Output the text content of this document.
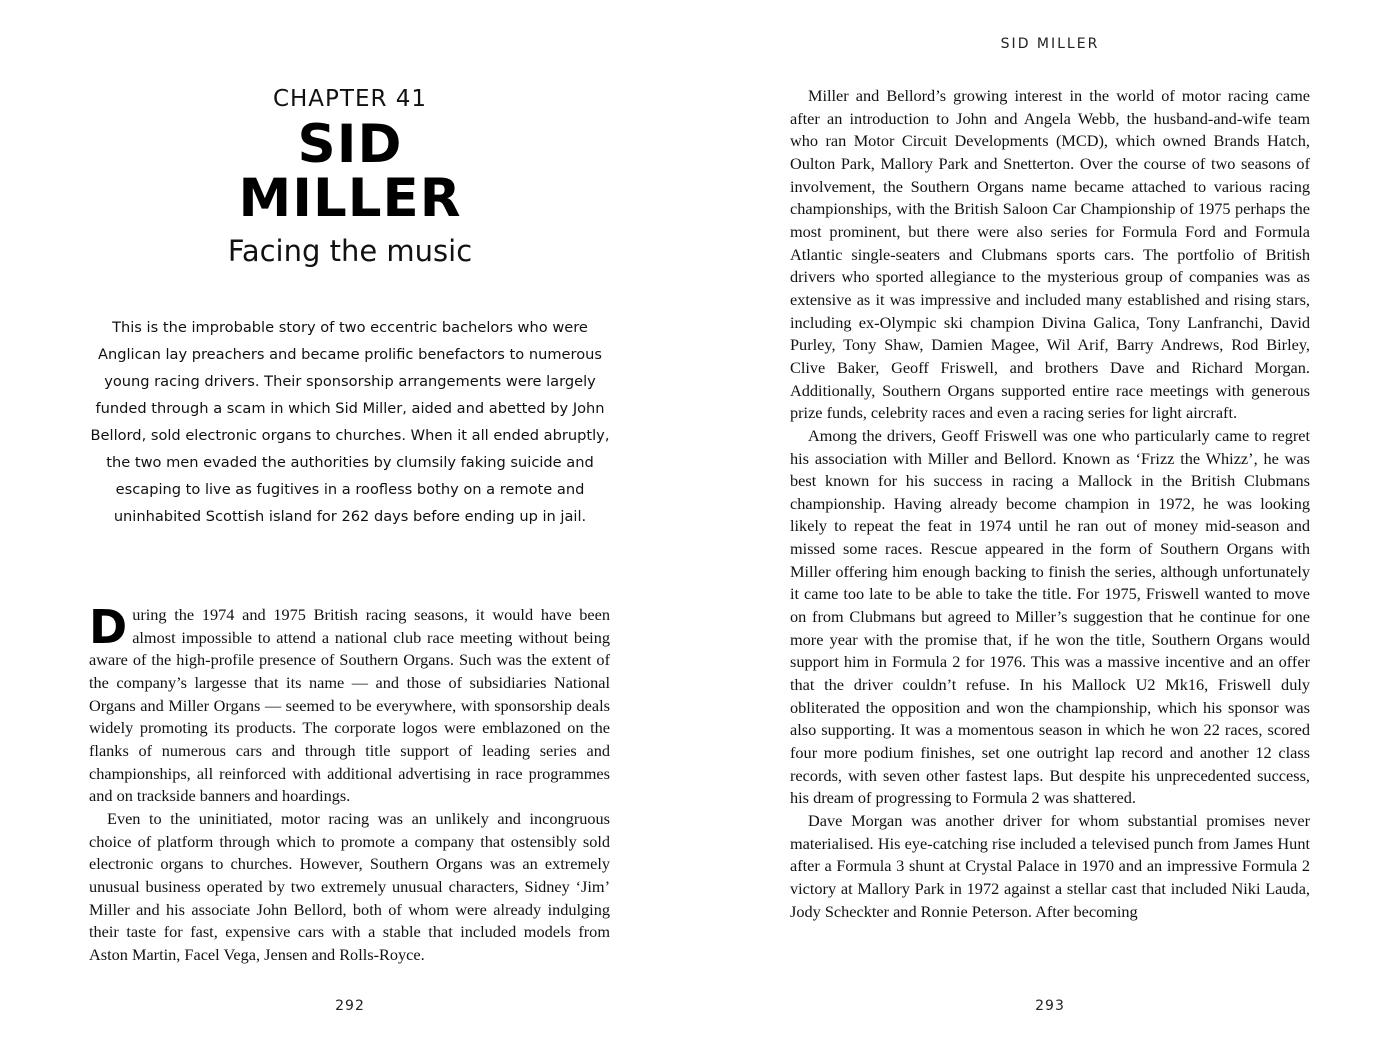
CHAPTER 41
SID
MILLER
Facing the music
This is the improbable story of two eccentric bachelors who were Anglican lay preachers and became prolific benefactors to numerous young racing drivers. Their sponsorship arrangements were largely funded through a scam in which Sid Miller, aided and abetted by John Bellord, sold electronic organs to churches. When it all ended abruptly, the two men evaded the authorities by clumsily faking suicide and escaping to live as fugitives in a roofless bothy on a remote and uninhabited Scottish island for 262 days before ending up in jail.

During the 1974 and 1975 British racing seasons, it would have been almost impossible to attend a national club race meeting without being aware of the high-profile presence of Southern Organs. Such was the extent of the company’s largesse that its name — and those of subsidiaries National Organs and Miller Organs — seemed to be everywhere, with sponsorship deals widely promoting its products. The corporate logos were emblazoned on the flanks of numerous cars and through title support of leading series and championships, all reinforced with additional advertising in race programmes and on trackside banners and hoardings.

Even to the uninitiated, motor racing was an unlikely and incongruous choice of platform through which to promote a company that ostensibly sold electronic organs to churches. However, Southern Organs was an extremely unusual business operated by two extremely unusual characters, Sidney ‘Jim’ Miller and his associate John Bellord, both of whom were already indulging their taste for fast, expensive cars with a stable that included models from Aston Martin, Facel Vega, Jensen and Rolls-Royce.

292
SID MILLER

Miller and Bellord’s growing interest in the world of motor racing came after an introduction to John and Angela Webb, the husband-and-wife team who ran Motor Circuit Developments (MCD), which owned Brands Hatch, Oulton Park, Mallory Park and Snetterton. Over the course of two seasons of involvement, the Southern Organs name became attached to various racing championships, with the British Saloon Car Championship of 1975 perhaps the most prominent, but there were also series for Formula Ford and Formula Atlantic single-seaters and Clubmans sports cars. The portfolio of British drivers who sported allegiance to the mysterious group of companies was as extensive as it was impressive and included many established and rising stars, including ex-Olympic ski champion Divina Galica, Tony Lanfranchi, David Purley, Tony Shaw, Damien Magee, Wil Arif, Barry Andrews, Rod Birley, Clive Baker, Geoff Friswell, and brothers Dave and Richard Morgan. Additionally, Southern Organs supported entire race meetings with generous prize funds, celebrity races and even a racing series for light aircraft.

Among the drivers, Geoff Friswell was one who particularly came to regret his association with Miller and Bellord. Known as ‘Frizz the Whizz’, he was best known for his success in racing a Mallock in the British Clubmans championship. Having already become champion in 1972, he was looking likely to repeat the feat in 1974 until he ran out of money mid-season and missed some races. Rescue appeared in the form of Southern Organs with Miller offering him enough backing to finish the series, although unfortunately it came too late to be able to take the title. For 1975, Friswell wanted to move on from Clubmans but agreed to Miller’s suggestion that he continue for one more year with the promise that, if he won the title, Southern Organs would support him in Formula 2 for 1976. This was a massive incentive and an offer that the driver couldn’t refuse. In his Mallock U2 Mk16, Friswell duly obliterated the opposition and won the championship, which his sponsor was also supporting. It was a momentous season in which he won 22 races, scored four more podium finishes, set one outright lap record and another 12 class records, with seven other fastest laps. But despite his unprecedented success, his dream of progressing to Formula 2 was shattered.

Dave Morgan was another driver for whom substantial promises never materialised. His eye-catching rise included a televised punch from James Hunt after a Formula 3 shunt at Crystal Palace in 1970 and an impressive Formula 2 victory at Mallory Park in 1972 against a stellar cast that included Niki Lauda, Jody Scheckter and Ronnie Peterson. After becoming

293
